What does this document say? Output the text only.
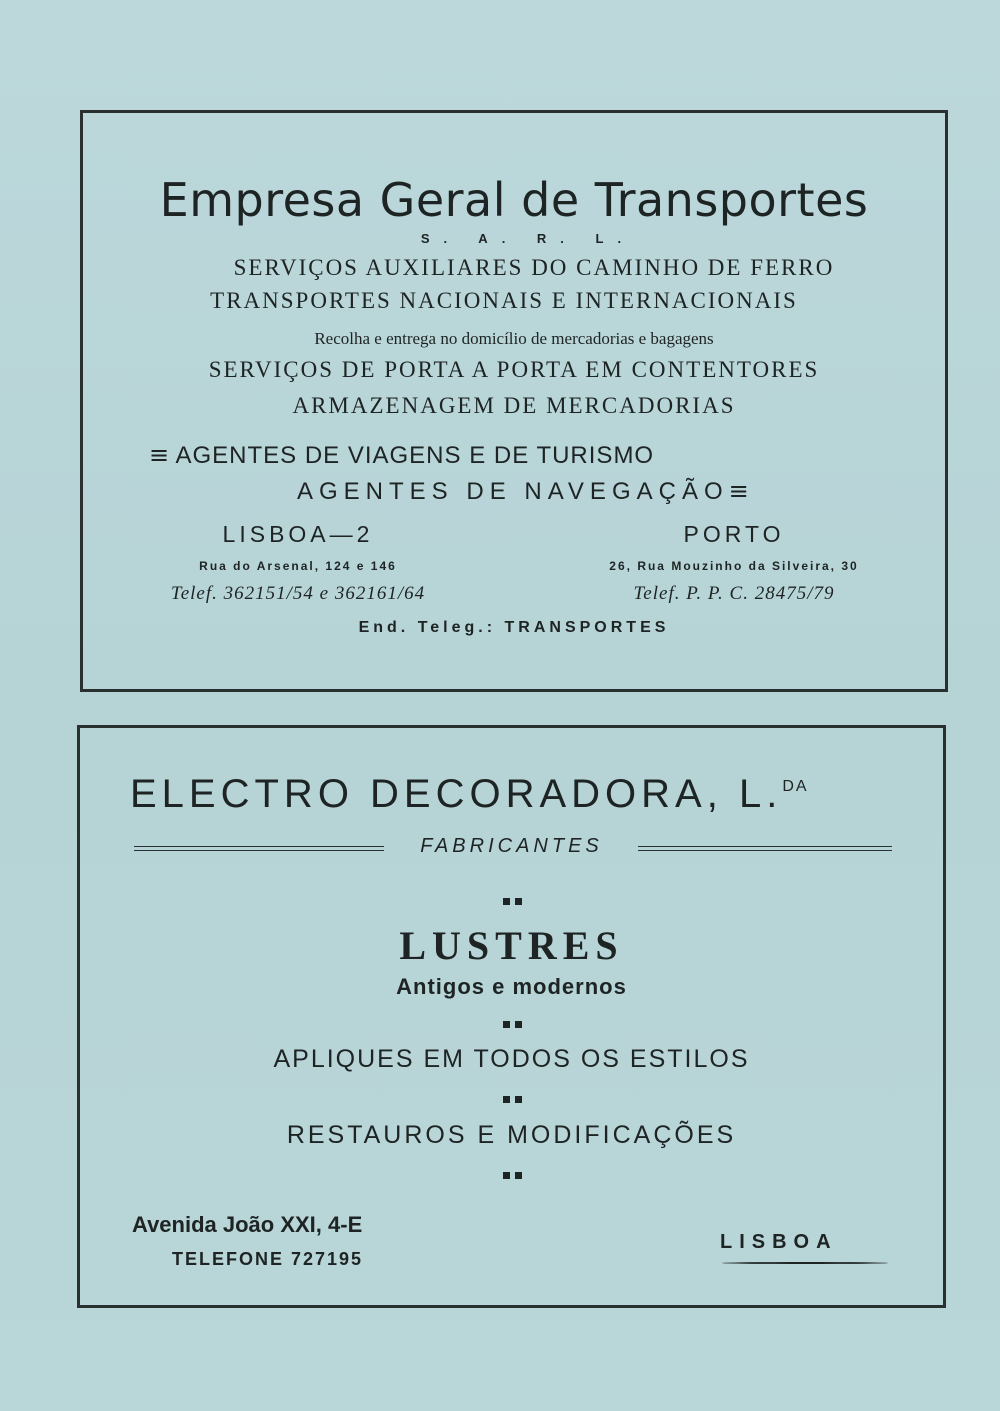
Empresa Geral de Transportes
S. A. R. L.
SERVIÇOS AUXILIARES DO CAMINHO DE FERRO
TRANSPORTES NACIONAIS E INTERNACIONAIS
Recolha e entrega no domicílio de mercadorias e bagagens
SERVIÇOS DE PORTA A PORTA EM CONTENTORES
ARMAZENAGEM DE MERCADORIAS
≡ AGENTES DE VIAGENS E DE TURISMO
AGENTES DE NAVEGAÇÃO≡
LISBOA—2	PORTO
Rua do Arsenal, 124 e 146	26, Rua Mouzinho da Silveira, 30
Telef. 362151/54 e 362161/64	Telef. P. P. C. 28475/79
End. Teleg.: TRANSPORTES
ELECTRO DECORADORA, L.$^{DA}$
FABRICANTES
LUSTRES
Antigos e modernos
APLIQUES EM TODOS OS ESTILOS
RESTAUROS E MODIFICAÇÕES
Avenida João XXI, 4-E
TELEFONE 727195
LISBOA
